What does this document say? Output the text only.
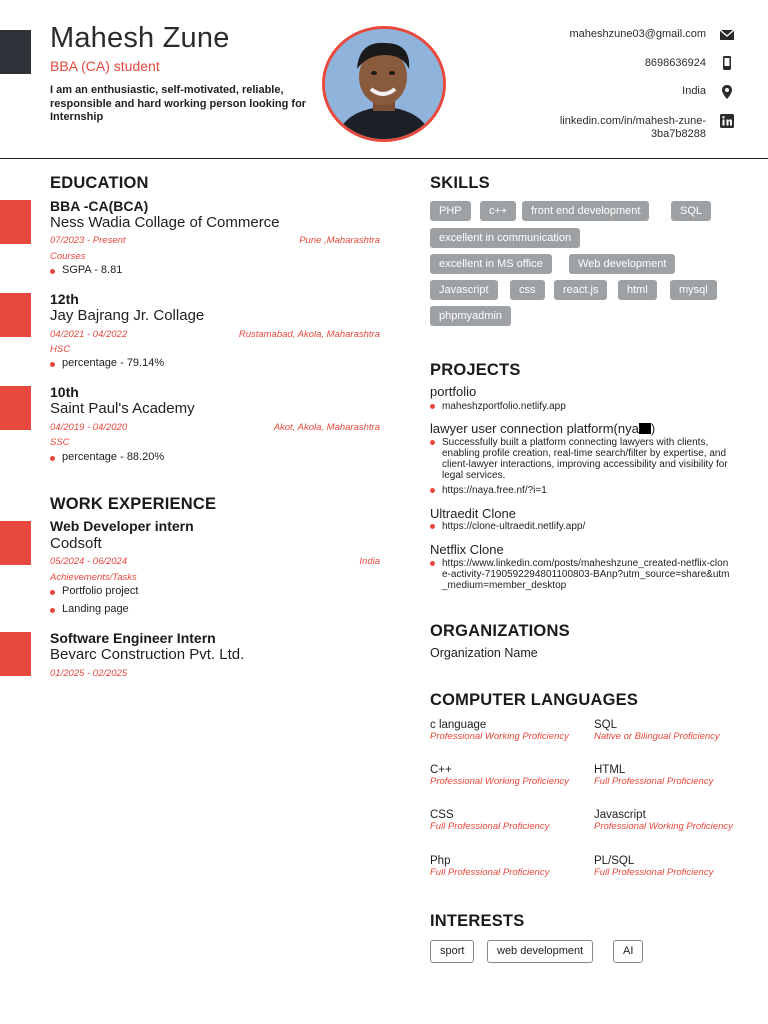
Mahesh Zune
BBA (CA) student
I am an enthusiastic, self-motivated, reliable, responsible and hard working person looking for Internship
maheshzune03@gmail.com
8698636924
India
linkedin.com/in/mahesh-zune-
3ba7b8288
EDUCATION
BBA -CA(BCA)
Ness Wadia Collage of Commerce
07/2023 - Present	Pune ,Maharashtra
Courses
SGPA - 8.81
12th
Jay Bajrang Jr. Collage
04/2021 - 04/2022	Rustamabad, Akola, Maharashtra
HSC
percentage - 79.14%
10th
Saint Paul's Academy
04/2019 - 04/2020	Akot, Akola, Maharashtra
SSC
percentage - 88.20%
WORK EXPERIENCE
Web Developer intern
Codsoft
05/2024 - 06/2024	India
Achievements/Tasks
Portfolio project
Landing page
Software Engineer Intern
Bevarc Construction Pvt. Ltd.
01/2025 - 02/2025
SKILLS
PHP	c++	front end development	SQL
excellent in communication
excellent in MS office	Web development
Javascript	css	react.js	html	mysql
phpmyadmin
PROJECTS
portfolio
maheshzportfolio.netlify.app
lawyer user connection platform(nya )
Successfully built a platform connecting lawyers with clients, enabling profile creation, real-time search/filter by expertise, and client-lawyer interactions, improving accessibility and visibility for legal services.
https://naya.free.nf/?i=1
Ultraedit Clone
https://clone-ultraedit.netlify.app/
Netflix Clone
https://www.linkedin.com/posts/maheshzune_created-netflix-clone-activity-7190592294801100803-BAnp?utm_source=share&utm_medium=member_desktop
ORGANIZATIONS
Organization Name
COMPUTER LANGUAGES
c language
Professional Working Proficiency
SQL
Native or Bilingual Proficiency
C++
Professional Working Proficiency
HTML
Full Professional Proficiency
CSS
Full Professional Proficiency
Javascript
Professional Working Proficiency
Php
Full Professional Proficiency
PL/SQL
Full Professional Proficiency
INTERESTS
sport	web development	AI
